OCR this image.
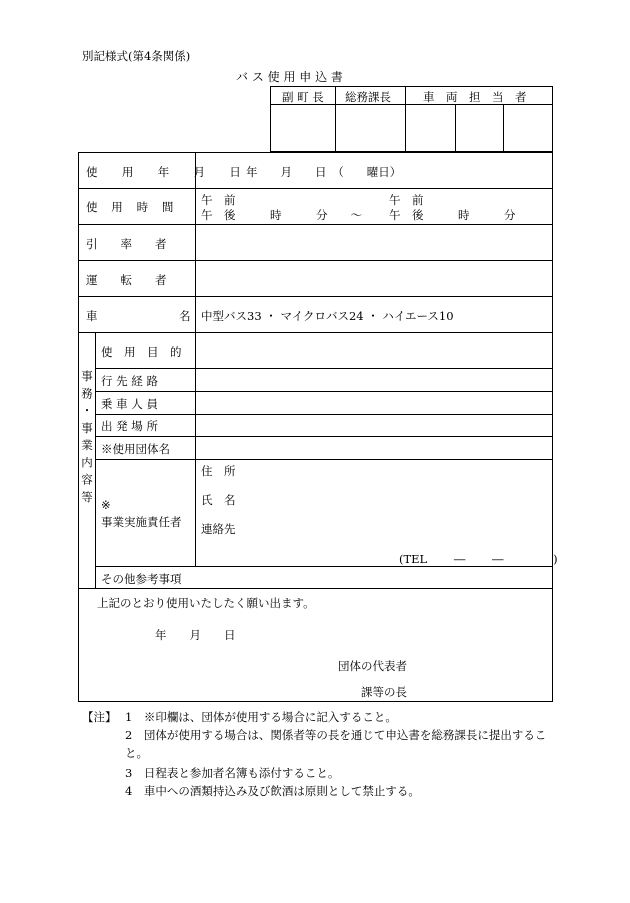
別記様式(第4条関係)
バ ス 使 用 申 込 書
副 町 長 総務課長	車　両　担　当　者
使 用 年 月 日
年　　月　　日　（　　曜日）
使　用　時　間 午　前
午　後　　　時　　　分　　～
午　前
午　後　　　時　　　分
引　　率　　者
運　　転　　者
車	名 中型バス33 ・ マイクロバス24 ・ ハイエース10
事務・事業内容等
使　用　目　的
行 先 経 路
乗 車 人 員
出 発 場 所
※使用団体名
※
事業実施責任者
住　所
氏　名
連絡先
(TEL　　 ―　　 ―　　　　 )
その他参考事項
上記のとおり使用いたしたく願い出ます。
年　　月　　日
団体の代表者
課等の長
【注】 1　※印欄は、団体が使用する場合に記入すること。
2　団体が使用する場合は、関係者等の長を通じて申込書を総務課長に提出するこ
と。
3　日程表と参加者名簿も添付すること。
4　車中への酒類持込み及び飲酒は原則として禁止する。
